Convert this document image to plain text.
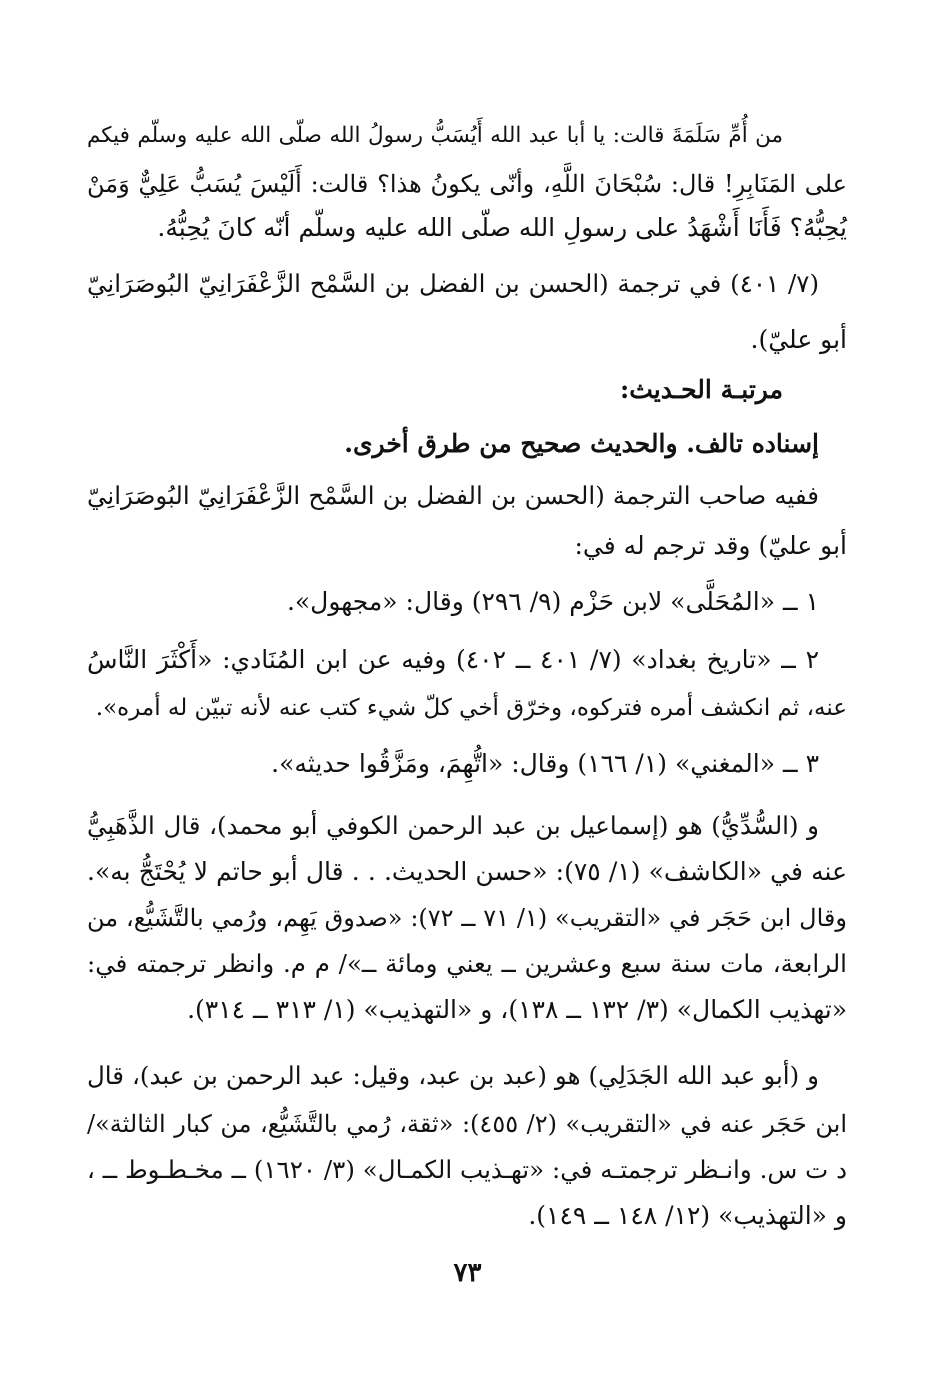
من أُمِّ سَلَمَةَ قالت: يا أبا عبد الله أَيُسَبُّ رسولُ الله صلّى الله عليه وسلّم فيكم
على المَنَابِرِ! قال: سُبْحَانَ اللَّهِ، وأنّى يكونُ هذا؟ قالت: أَلَيْسَ يُسَبُّ عَلِيٌّ وَمَنْ
يُحِبُّهُ؟ فَأَنَا أَشْهَدُ على رسولِ الله صلّى الله عليه وسلّم أنّه كانَ يُحِبُّهُ.
(٧/ ٤٠١) في ترجمة (الحسن بن الفضل بن السَّمْح الزَّعْفَرَانِيّ البُوصَرَانِيّ
أبو عليّ).
مرتبـة الحـديث:
إسناده تالف. والحديث صحيح من طرق أخرى.
ففيه صاحب الترجمة (الحسن بن الفضل بن السَّمْح الزَّعْفَرَانِيّ البُوصَرَانِيّ
أبو عليّ) وقد ترجم له في:
١ ــ «المُحَلَّى» لابن حَزْم (٩/ ٢٩٦) وقال: «مجهول».
٢ ــ «تاريخ بغداد» (٧/ ٤٠١ ــ ٤٠٢) وفيه عن ابن المُنَادي: «أَكْثَرَ النَّاسُ
عنه، ثم انكشف أمره فتركوه، وخرّق أخي كلّ شيء كتب عنه لأنه تبيّن له أمره».
٣ ــ «المغني» (١/ ١٦٦) وقال: «اتُّهِمَ، ومَزَّقُوا حديثه».
و (السُّدِّيُّ) هو (إسماعيل بن عبد الرحمن الكوفي أبو محمد)، قال الذَّهَبِيُّ
عنه في «الكاشف» (١/ ٧٥): «حسن الحديث. . . قال أبو حاتم لا يُحْتَجُّ به».
وقال ابن حَجَر في «التقريب» (١/ ٧١ ــ ٧٢): «صدوق يَهِم، ورُمي بالتَّشَيُّع، من
الرابعة، مات سنة سبع وعشرين ــ يعني ومائة ــ»/ م م. وانظر ترجمته في:
«تهذيب الكمال» (٣/ ١٣٢ ــ ١٣٨)، و «التهذيب» (١/ ٣١٣ ــ ٣١٤).
و (أبو عبد الله الجَدَلِي) هو (عبد بن عبد، وقيل: عبد الرحمن بن عبد)، قال
ابن حَجَر عنه في «التقريب» (٢/ ٤٥٥): «ثقة، رُمي بالتَّشَيُّع، من كبار الثالثة»/
د ت س. وانـظر ترجمتـه في: «تهـذيب الكمـال» (٣/ ١٦٢٠) ــ مخـطـوط ــ ،
و «التهذيب» (١٢/ ١٤٨ ــ ١٤٩).
٧٣
